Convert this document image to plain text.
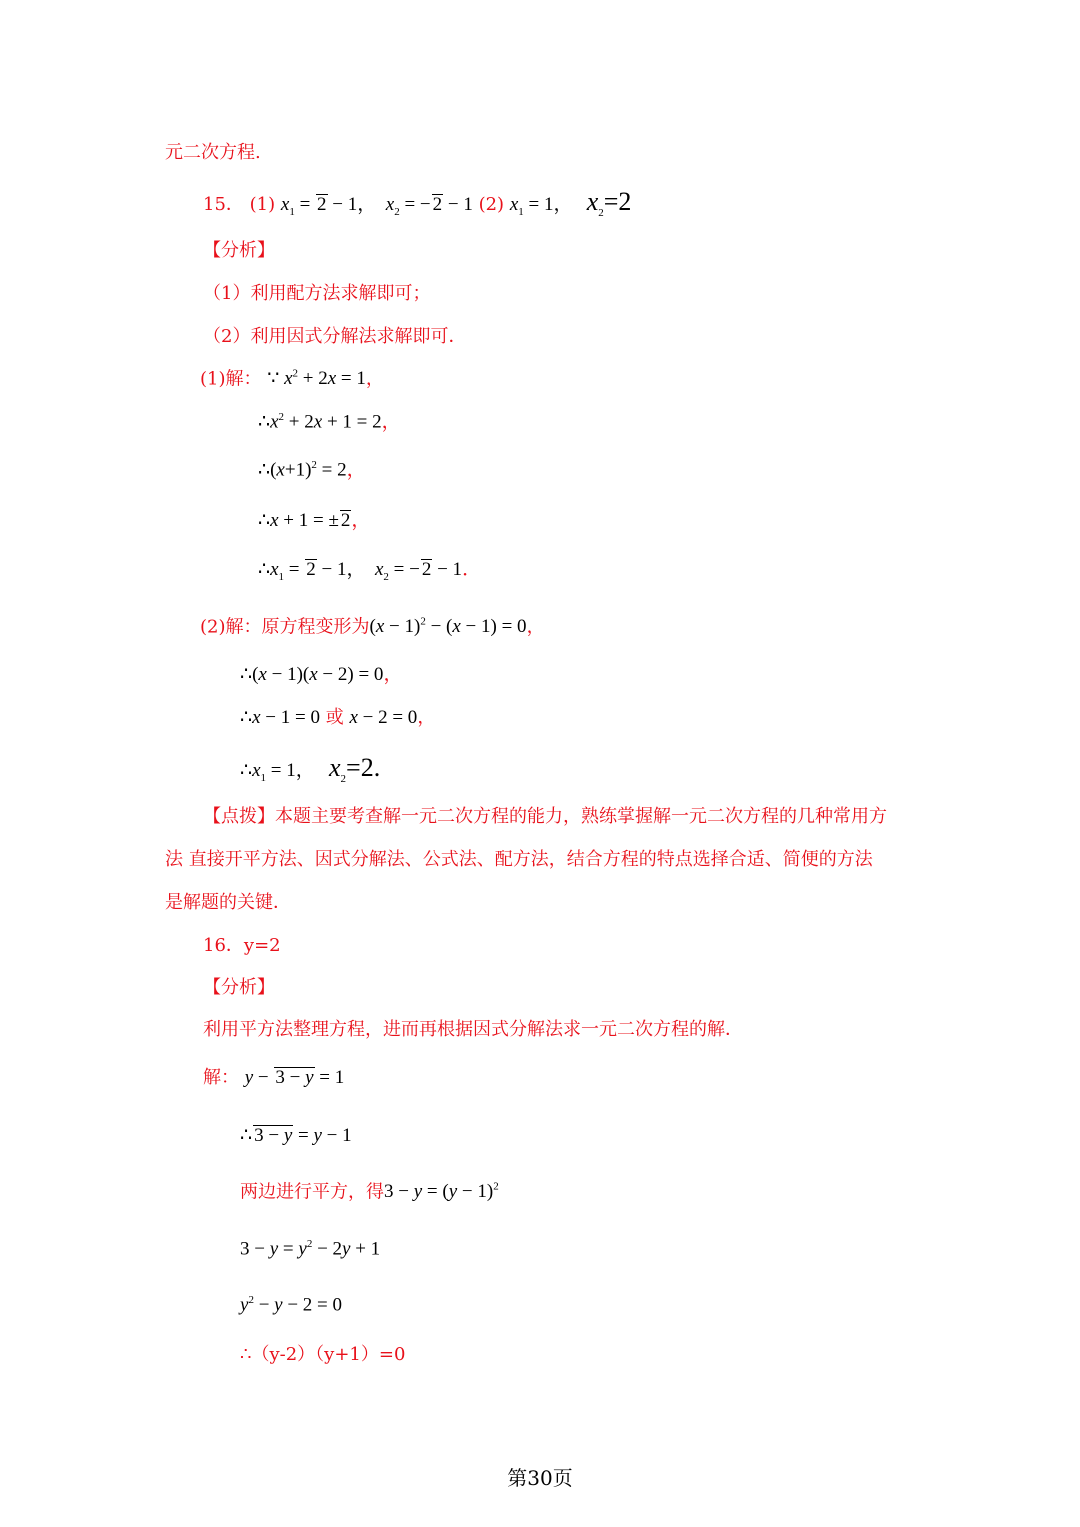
元二次方程.
15． (1) $x_1 = 2 - 1$，  $x_2$ = − 2 − 1 (2) $x_1 = 1$，   $x_2=2$
【分析】
（1）利用配方法求解即可；
（2）利用因式分解法求解即可．
(1)解： ∵ $x^2 + 2x = 1$，
$\therefore x^2 + 2x + 1 = 2$，
$\therefore(x+1)^2 = 2$，
∴x + 1 = ± 2，
$\therefore x_1 = 2 - 1$，  $x_2$ = − 2 − 1．
(2)解：原方程变形为$(x - 1)^2 - (x - 1) = 0$，
∴(x − 1)(x − 2) = 0，
∴x − 1 = 0 或 x − 2 = 0，
$\therefore x_1 = 1$，   $x_2=2$.
【点拨】本题主要考查解一元二次方程的能力，熟练掌握解一元二次方程的几种常用方
法 直接开平方法、因式分解法、公式法、配方法，结合方程的特点选择合适、简便的方法
是解题的关键．
16．y=2
【分析】
利用平方法整理方程，进而再根据因式分解法求一元二次方程的解．
解： y − 3 − y = 1
∴ 3 − y = y − 1
两边进行平方，得$3 - y = (y - 1)^2$
$3 - y = y^2 - 2y + 1$
$y^2 - y - 2 = 0$
∴（y-2）（y+1）=0
第30页
